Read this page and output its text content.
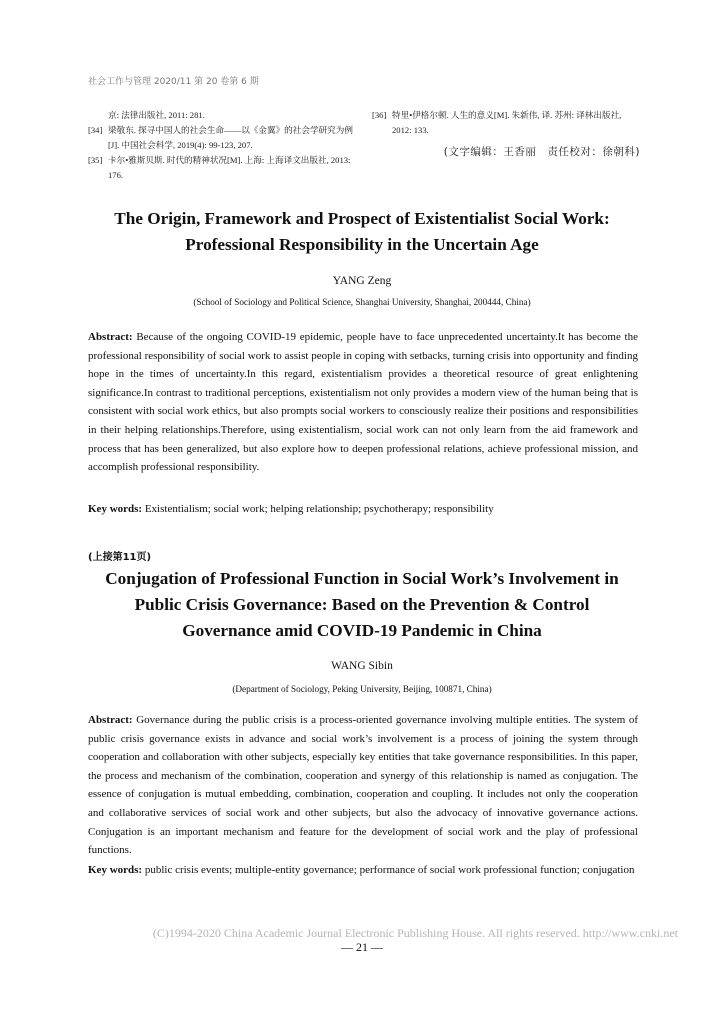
社会工作与管理 2020/11 第 20 卷第 6 期
京: 法律出版社, 2011: 281.
[34] 梁敬东. 探寻中国人的社会生命——以《金翼》的社会学研究为例[J]. 中国社会科学, 2019(4): 99-123, 207.
[35] 卡尔•雅斯贝斯. 时代的精神状况[M]. 上海: 上海译文出版社, 2013: 176.
[36] 特里•伊格尔顿. 人生的意义[M]. 朱新伟, 译. 苏州: 译林出版社, 2012: 133.
(文字编辑：王香丽　责任校对：徐朝科)
The Origin, Framework and Prospect of Existentialist Social Work:
Professional Responsibility in the Uncertain Age
YANG Zeng
(School of Sociology and Political Science, Shanghai University, Shanghai, 200444, China)
Abstract: Because of the ongoing COVID-19 epidemic, people have to face unprecedented uncertainty.It has become the professional responsibility of social work to assist people in coping with setbacks, turning crisis into opportunity and finding hope in the times of uncertainty.In this regard, existentialism provides a theoretical resource of great enlightening significance.In contrast to traditional perceptions, existentialism not only provides a modern view of the human being that is consistent with social work ethics, but also prompts social workers to consciously realize their positions and responsibilities in their helping relationships.Therefore, using existentialism, social work can not only learn from the aid framework and process that has been generalized, but also explore how to deepen professional relations, achieve professional mission, and accomplish professional responsibility.
Key words: Existentialism; social work; helping relationship; psychotherapy; responsibility
(上接第11页)
Conjugation of Professional Function in Social Work’s Involvement in
Public Crisis Governance: Based on the Prevention & Control
Governance amid COVID-19 Pandemic in China
WANG Sibin
(Department of Sociology, Peking University, Beijing, 100871, China)
Abstract: Governance during the public crisis is a process-oriented governance involving multiple entities. The system of public crisis governance exists in advance and social work’s involvement is a process of joining the system through cooperation and collaboration with other subjects, especially key entities that take governance responsibilities. In this paper, the process and mechanism of the combination, cooperation and synergy of this relationship is named as conjugation. The essence of conjugation is mutual embedding, combination, cooperation and coupling. It includes not only the cooperation and collaborative services of social work and other subjects, but also the advocacy of innovative governance actions. Conjugation is an important mechanism and feature for the development of social work and the play of professional functions.
Key words: public crisis events; multiple-entity governance; performance of social work professional function; conjugation
(C)1994-2020 China Academic Journal Electronic Publishing House. All rights reserved. http://www.cnki.net
— 21 —
